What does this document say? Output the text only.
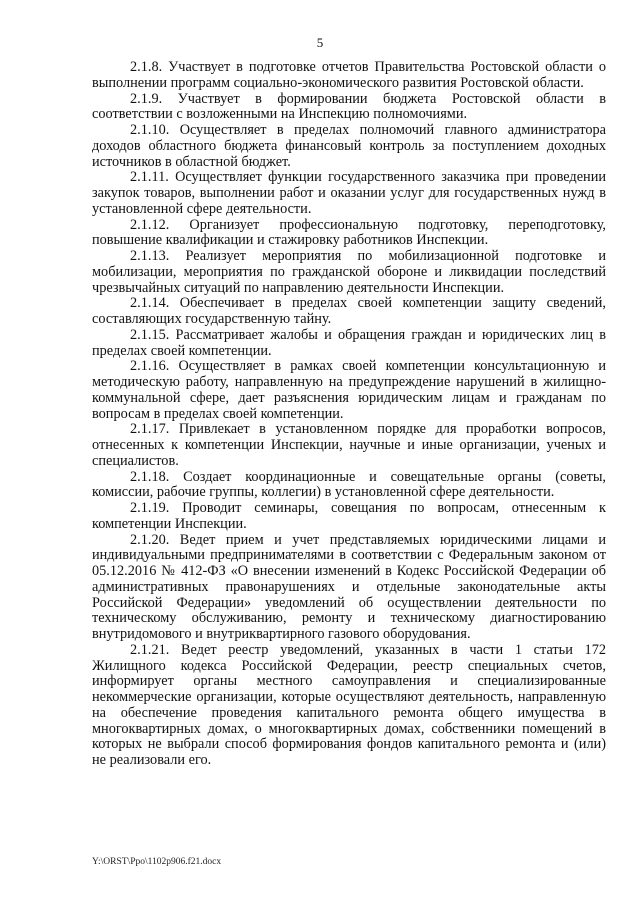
5

2.1.8. Участвует в подготовке отчетов Правительства Ростовской области о выполнении программ социально-экономического развития Ростовской области.

2.1.9. Участвует в формировании бюджета Ростовской области в соответствии с возложенными на Инспекцию полномочиями.

2.1.10. Осуществляет в пределах полномочий главного администратора доходов областного бюджета финансовый контроль за поступлением доходных источников в областной бюджет.

2.1.11. Осуществляет функции государственного заказчика при проведении закупок товаров, выполнении работ и оказании услуг для государственных нужд в установленной сфере деятельности.

2.1.12. Организует профессиональную подготовку, переподготовку, повышение квалификации и стажировку работников Инспекции.

2.1.13. Реализует мероприятия по мобилизационной подготовке и мобилизации, мероприятия по гражданской обороне и ликвидации последствий чрезвычайных ситуаций по направлению деятельности Инспекции.

2.1.14. Обеспечивает в пределах своей компетенции защиту сведений, составляющих государственную тайну.

2.1.15. Рассматривает жалобы и обращения граждан и юридических лиц в пределах своей компетенции.

2.1.16. Осуществляет в рамках своей компетенции консультационную и методическую работу, направленную на предупреждение нарушений в жилищно-коммунальной сфере, дает разъяснения юридическим лицам и гражданам по вопросам в пределах своей компетенции.

2.1.17. Привлекает в установленном порядке для проработки вопросов, отнесенных к компетенции Инспекции, научные и иные организации, ученых и специалистов.

2.1.18. Создает координационные и совещательные органы (советы, комиссии, рабочие группы, коллегии) в установленной сфере деятельности.

2.1.19. Проводит семинары, совещания по вопросам, отнесенным к компетенции Инспекции.

2.1.20. Ведет прием и учет представляемых юридическими лицами и индивидуальными предпринимателями в соответствии с Федеральным законом от 05.12.2016 № 412-ФЗ «О внесении изменений в Кодекс Российской Федерации об административных правонарушениях и отдельные законодательные акты Российской Федерации» уведомлений об осуществлении деятельности по техническому обслуживанию, ремонту и техническому диагностированию внутридомового и внутриквартирного газового оборудования.

2.1.21. Ведет реестр уведомлений, указанных в части 1 статьи 172 Жилищного кодекса Российской Федерации, реестр специальных счетов, информирует органы местного самоуправления и специализированные некоммерческие организации, которые осуществляют деятельность, направленную на обеспечение проведения капитального ремонта общего имущества в многоквартирных домах, о многоквартирных домах, собственники помещений в которых не выбрали способ формирования фондов капитального ремонта и (или) не реализовали его.

Y:\ORST\Ppo\1102p906.f21.docx
